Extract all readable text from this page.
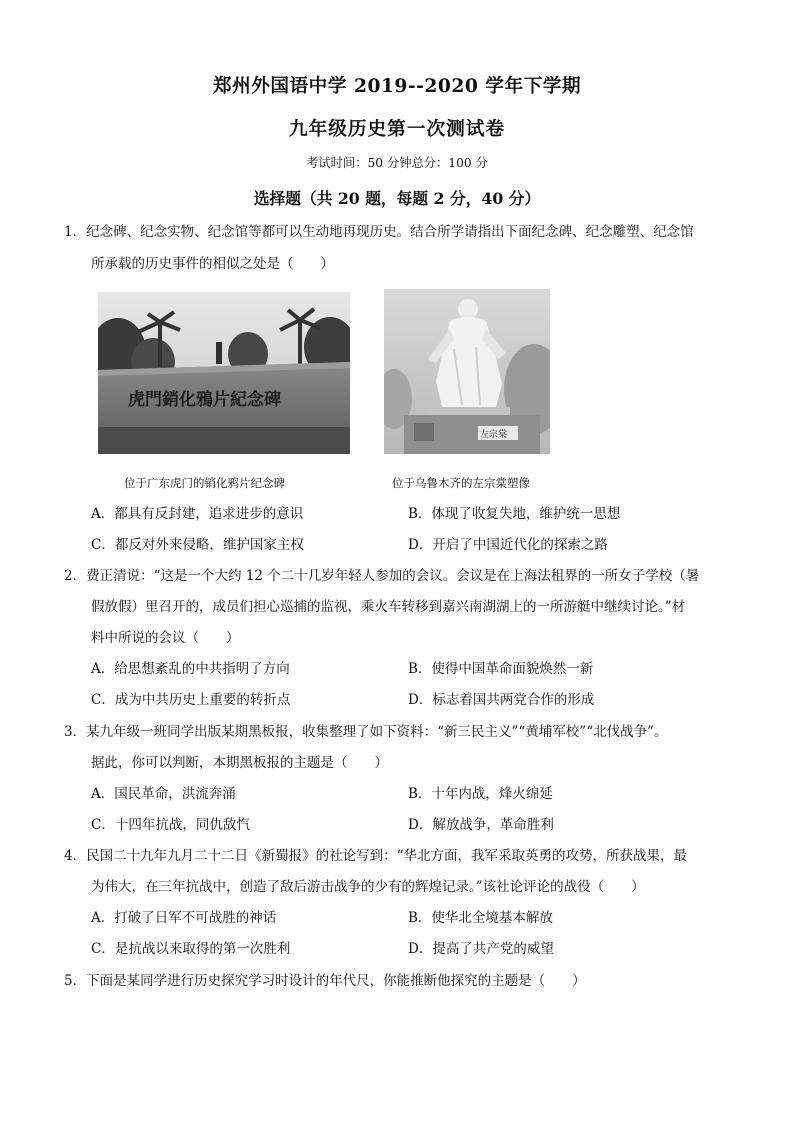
郑州外国语中学 2019--2020 学年下学期
九年级历史第一次测试卷
考试时间：50 分钟总分：100 分
选择题（共 20 题，每题 2 分，40 分）
1．纪念碑、纪念实物、纪念馆等都可以生动地再现历史。结合所学请指出下面纪念碑、纪念雕塑、纪念馆
所承载的历史事件的相似之处是（　　）
虎門銷化鴉片紀念碑
位于广东虎门的销化鸦片纪念碑
左宗棠
位于乌鲁木齐的左宗棠塑像
A．都具有反封建，追求进步的意识	B．体现了收复失地，维护统一思想
C．都反对外来侵略，维护国家主权	D．开启了中国近代化的探索之路
2．费正清说：“这是一个大约 12 个二十几岁年轻人参加的会议。会议是在上海法租界的一所女子学校（暑
假放假）里召开的，成员们担心巡捕的监视，乘火车转移到嘉兴南湖湖上的一所游艇中继续讨论。”材
料中所说的会议（　　）
A．给思想紊乱的中共指明了方向	B．使得中国革命面貌焕然一新
C．成为中共历史上重要的转折点	D．标志着国共两党合作的形成
3．某九年级一班同学出版某期黑板报，收集整理了如下资料：“新三民主义”“黄埔军校”“北伐战争”。
据此，你可以判断，本期黑板报的主题是（　　）
A．国民革命，洪流奔涌	B．十年内战，烽火绵延
C．十四年抗战，同仇敌忾	D．解放战争，革命胜利
4．民国二十九年九月二十二日《新蜀报》的社论写到：“华北方面，我军采取英勇的攻势，所获战果，最
为伟大，在三年抗战中，创造了敌后游击战争的少有的辉煌记录。”该社论评论的战役（　　）
A．打破了日军不可战胜的神话	B．使华北全境基本解放
C．是抗战以来取得的第一次胜利	D．提高了共产党的威望
5．下面是某同学进行历史探究学习时设计的年代尺，你能推断他探究的主题是（　　）
